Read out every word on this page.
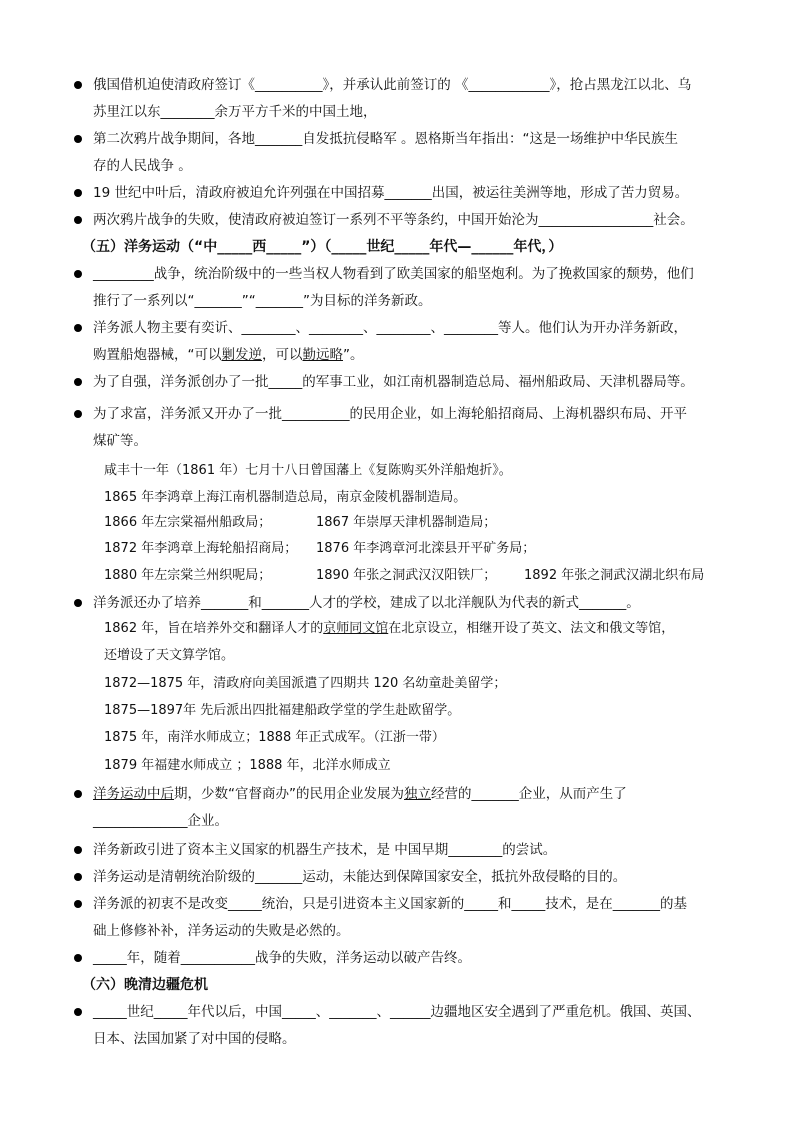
俄国借机迫使清政府签订《__________》，并承认此前签订的 《____________》，抢占黑龙江以北、乌
苏里江以东________余万平方千米的中国土地，
第二次鸦片战争期间，各地_______自发抵抗侵略军 。恩格斯当年指出：“这是一场维护中华民族生
存的人民战争 。
19 世纪中叶后，清政府被迫允许列强在中国招募_______出国，被运往美洲等地，形成了苦力贸易。
两次鸦片战争的失败，使清政府被迫签订一系列不平等条约，中国开始沦为_________________社会。
（五）洋务运动（“中_____西_____”）（_____世纪_____年代—______年代，）
_________战争，统治阶级中的一些当权人物看到了欧美国家的船坚炮利。为了挽救国家的颓势，他们
推行了一系列以“_______”“_______”为目标的洋务新政。
洋务派人物主要有奕䜣、________、________、________、________等人。他们认为开办洋务新政，
购置船炮器械，“可以剿发逆，可以勤远略”。
为了自强，洋务派创办了一批_____的军事工业，如江南机器制造总局、福州船政局、天津机器局等。
为了求富，洋务派又开办了一批__________的民用企业，如上海轮船招商局、上海机器织布局、开平
煤矿等。
咸丰十一年（1861 年）七月十八日曾国藩上《复陈购买外洋船炮折》。
1865 年李鸿章上海江南机器制造总局，南京金陵机器制造局。
1866 年左宗棠福州船政局；	1867 年崇厚天津机器制造局；
1872 年李鸿章上海轮船招商局； 1876 年李鸿章河北滦县开平矿务局；
1880 年左宗棠兰州织呢局；	1890 年张之洞武汉汉阳铁厂； 1892 年张之洞武汉湖北织布局
洋务派还办了培养_______和_______人才的学校，建成了以北洋舰队为代表的新式_______。
1862 年，旨在培养外交和翻译人才的京师同文馆在北京设立，相继开设了英文、法文和俄文等馆，
还增设了天文算学馆。
1872—1875 年，清政府向美国派遣了四期共 120 名幼童赴美留学；
1875—1897年 先后派出四批福建船政学堂的学生赴欧留学。
1875 年，南洋水师成立；1888 年正式成军。（江浙一带）
1879 年福建水师成立 ；1888 年，北洋水师成立
洋务运动中后期，少数“官督商办”的民用企业发展为独立经营的_______企业，从而产生了
______________企业。
洋务新政引进了资本主义国家的机器生产技术，是 中国早期________的尝试。
洋务运动是清朝统治阶级的_______运动，未能达到保障国家安全，抵抗外敌侵略的目的。
洋务派的初衷不是改变_____统治，只是引进资本主义国家新的_____和_____技术，是在_______的基
础上修修补补，洋务运动的失败是必然的。
_____年，随着___________战争的失败，洋务运动以破产告终。
（六）晚清边疆危机
_____世纪_____年代以后，中国_____、_______、______边疆地区安全遇到了严重危机。俄国、英国、
日本、法国加紧了对中国的侵略。
